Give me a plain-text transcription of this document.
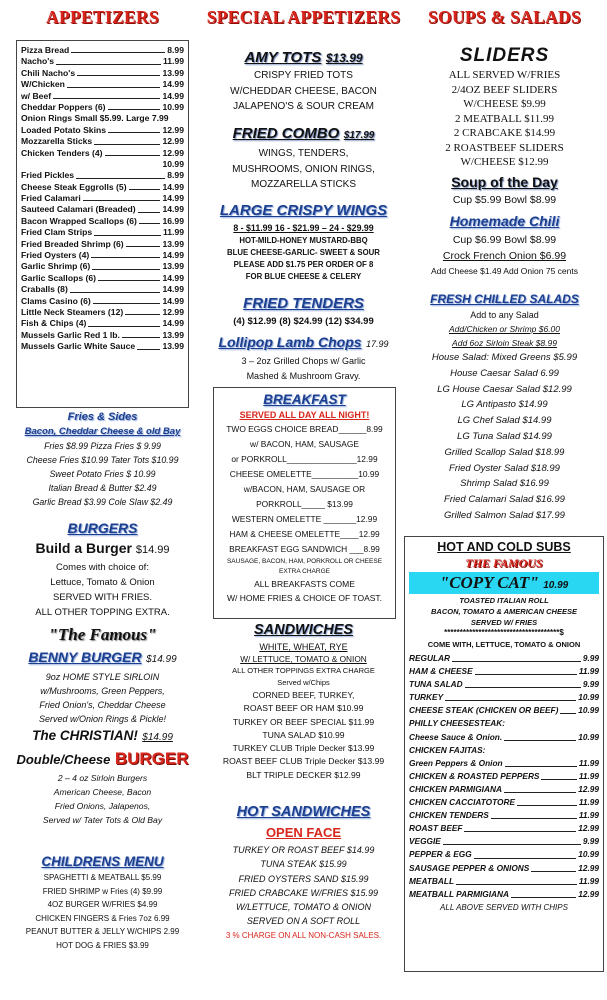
APPETIZERS
Pizza Bread	8.99
Nacho's	11.99
Chili Nacho's	13.99
W/Chicken	14.99
w/ Beef	14.99
Cheddar Poppers (6)	10.99
Onion Rings Small $5.99. Large 7.99
Loaded Potato Skins	12.99
Mozzarella Sticks	12.99
Chicken Tenders (4)	12.99
10.99
Fried Pickles	8.99
Cheese Steak Eggrolls (5)	14.99
Fried Calamari	14.99
Sauteed Calamari (Breaded)	14.99
Bacon Wrapped Scallops (6)	16.99
Fried Clam Strips	11.99
Fried Breaded Shrimp (6)	13.99
Fried Oysters (4)	14.99
Garlic Shrimp (6)	13.99
Garlic Scallops (6)	14.99
Craballs (8)	14.99
Clams Casino (6)	14.99
Little Neck Steamers (12)	12.99
Fish & Chips (4)	14.99
Mussels Garlic Red 1 lb.	13.99
Mussels Garlic White Sauce	13.99
Fries & Sides
Bacon, Cheddar Cheese & old Bay
Fries $8.99 Pizza Fries $ 9.99
Cheese Fries $10.99 Tater Tots $10.99
Sweet Potato Fries $ 10.99
Italian Bread & Butter $2.49
Garlic Bread $3.99 Cole Slaw $2.49
BURGERS
Build a Burger $14.99
Comes with choice of:
Lettuce, Tomato & Onion
SERVED WITH FRIES.
ALL OTHER TOPPING EXTRA.
"The Famous"
BENNY BURGER $14.99
9oz HOME STYLE SIRLOIN
w/Mushrooms, Green Peppers,
Fried Onion's, Cheddar Cheese
Served w/Onion Rings & Pickle!
The CHRISTIAN! $14.99
Double/Cheese BURGER
2 – 4 oz Sirloin Burgers
American Cheese, Bacon
Fried Onions, Jalapenos,
Served w/ Tater Tots & Old Bay
CHILDRENS MENU
SPAGHETTI & MEATBALL $5.99
FRIED SHRIMP w Fries (4) $9.99
4OZ BURGER W/FRIES $4.99
CHICKEN FINGERS & Fries 7oz 6.99
PEANUT BUTTER & JELLY W/CHIPS 2.99
HOT DOG & FRIES $3.99
SPECIAL APPETIZERS
AMY TOTS $13.99
CRISPY FRIED TOTS
W/CHEDDAR CHEESE, BACON
JALAPENO'S & SOUR CREAM
FRIED COMBO $17.99
WINGS, TENDERS,
MUSHROOMS, ONION RINGS,
MOZZARELLA STICKS
LARGE CRISPY WINGS
8 - $11.99 16 - $21.99 – 24 - $29.99
HOT-MILD-HONEY MUSTARD-BBQ
BLUE CHEESE-GARLIC- SWEET & SOUR
PLEASE ADD $1.75 PER ORDER OF 8
FOR BLUE CHEESE & CELERY
FRIED TENDERS
(4) $12.99 (8) $24.99 (12) $34.99
Lollipop Lamb Chops 17.99
3 – 2oz Grilled Chops w/ Garlic
Mashed & Mushroom Gravy.
BREAKFAST
SERVED ALL DAY ALL NIGHT!
TWO EGGS CHOICE BREAD______8.99
w/ BACON, HAM, SAUSAGE
or PORKROLL_______________12.99
CHEESE OMELETTE__________10.99
w/BACON, HAM, SAUSAGE OR
PORKROLL_____ $13.99
WESTERN OMELETTE _______12.99
HAM & CHEESE OMELETTE____12.99
BREAKFAST EGG SANDWICH ___8.99
SAUSAGE, BACON, HAM, PORKROLL OR CHEESE
EXTRA CHARGE
ALL BREAKFASTS COME
W/ HOME FRIES & CHOICE OF TOAST.
SANDWICHES
WHITE, WHEAT, RYE
W/ LETTUCE, TOMATO & ONION
ALL OTHER TOPPINGS EXTRA CHARGE
Served w/Chips
CORNED BEEF, TURKEY,
ROAST BEEF OR HAM $10.99
TURKEY OR BEEF SPECIAL $11.99
TUNA SALAD $10.99
TURKEY CLUB Triple Decker $13.99
ROAST BEEF CLUB Triple Decker $13.99
BLT TRIPLE DECKER $12.99
HOT SANDWICHES
OPEN FACE
TURKEY OR ROAST BEEF $14.99
TUNA STEAK $15.99
FRIED OYSTERS SAND $15.99
FRIED CRABCAKE W/FRIES $15.99
W/LETTUCE, TOMATO & ONION
SERVED ON A SOFT ROLL
3 % CHARGE ON ALL NON-CASH SALES.
SOUPS & SALADS
SLIDERS
ALL SERVED W/FRIES
2/4OZ BEEF SLIDERS
W/CHEESE $9.99
2 MEATBALL $11.99
2 CRABCAKE $14.99
2 ROASTBEEF SLIDERS
W/CHEESE $12.99
Soup of the Day
Cup $5.99 Bowl $8.99
Homemade Chili
Cup $6.99 Bowl $8.99
Crock French Onion $6.99
Add Cheese $1.49 Add Onion 75 cents
FRESH CHILLED SALADS
Add to any Salad
Add/Chicken or Shrimp $6.00
Add 6oz Sirloin Steak $8.99
House Salad: Mixed Greens $5.99
House Caesar Salad 6.99
LG House Caesar Salad $12.99
LG Antipasto $14.99
LG Chef Salad $14.99
LG Tuna Salad $14.99
Grilled Scallop Salad $18.99
Fried Oyster Salad $18.99
Shrimp Salad $16.99
Fried Calamari Salad $16.99
Grilled Salmon Salad $17.99
HOT AND COLD SUBS
THE FAMOUS
"COPY CAT" 10.99
TOASTED ITALIAN ROLL
BACON, TOMATO & AMERICAN CHEESE
SERVED W/ FRIES
*************************************$
COME WITH, LETTUCE, TOMATO & ONION
REGULAR	9.99
HAM & CHEESE	11.99
TUNA SALAD	9.99
TURKEY	10.99
CHEESE STEAK (CHICKEN OR BEEF) 10.99
PHILLY CHEESESTEAK:
Cheese Sauce & Onion.	10.99
CHICKEN FAJITAS:
Green Peppers & Onion	11.99
CHICKEN & ROASTED PEPPERS	11.99
CHICKEN PARMIGIANA	12.99
CHICKEN CACCIATOTORE	11.99
CHICKEN TENDERS	11.99
ROAST BEEF	12.99
VEGGIE	9.99
PEPPER & EGG	10.99
SAUSAGE PEPPER & ONIONS	12.99
MEATBALL	11.99
MEATBALL PARMIGIANA	12.99
ALL ABOVE SERVED WITH CHIPS
